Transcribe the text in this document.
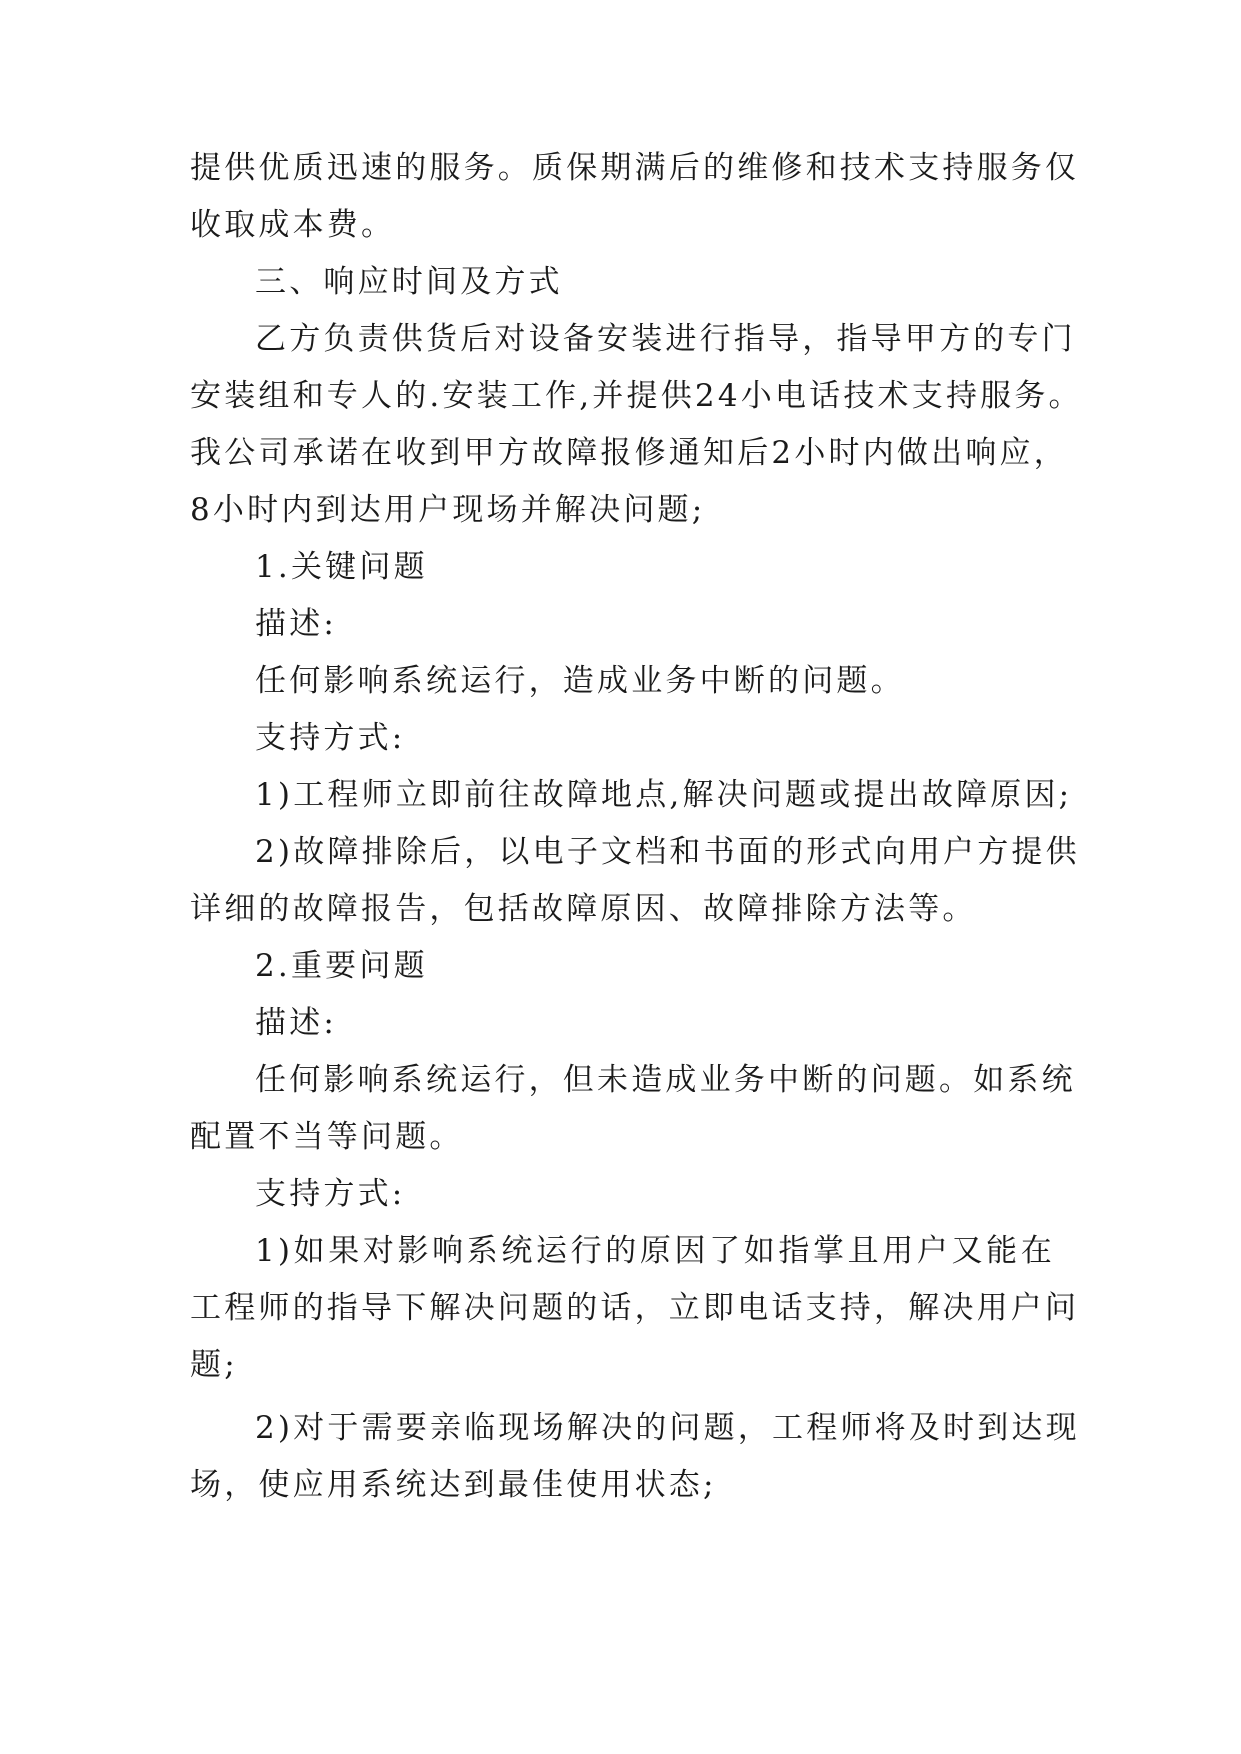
提供优质迅速的服务。质保期满后的维修和技术支持服务仅
收取成本费。
三、响应时间及方式
乙方负责供货后对设备安装进行指导，指导甲方的专门
安装组和专人的.安装工作,并提供24小电话技术支持服务。
我公司承诺在收到甲方故障报修通知后2小时内做出响应，
8小时内到达用户现场并解决问题;
1.关键问题
描述:
任何影响系统运行，造成业务中断的问题。
支持方式:
1)工程师立即前往故障地点,解决问题或提出故障原因;
2)故障排除后，以电子文档和书面的形式向用户方提供
详细的故障报告，包括故障原因、故障排除方法等。
2.重要问题
描述:
任何影响系统运行，但未造成业务中断的问题。如系统
配置不当等问题。
支持方式:
1)如果对影响系统运行的原因了如指掌且用户又能在
工程师的指导下解决问题的话，立即电话支持，解决用户问
题;
2)对于需要亲临现场解决的问题，工程师将及时到达现
场，使应用系统达到最佳使用状态;
